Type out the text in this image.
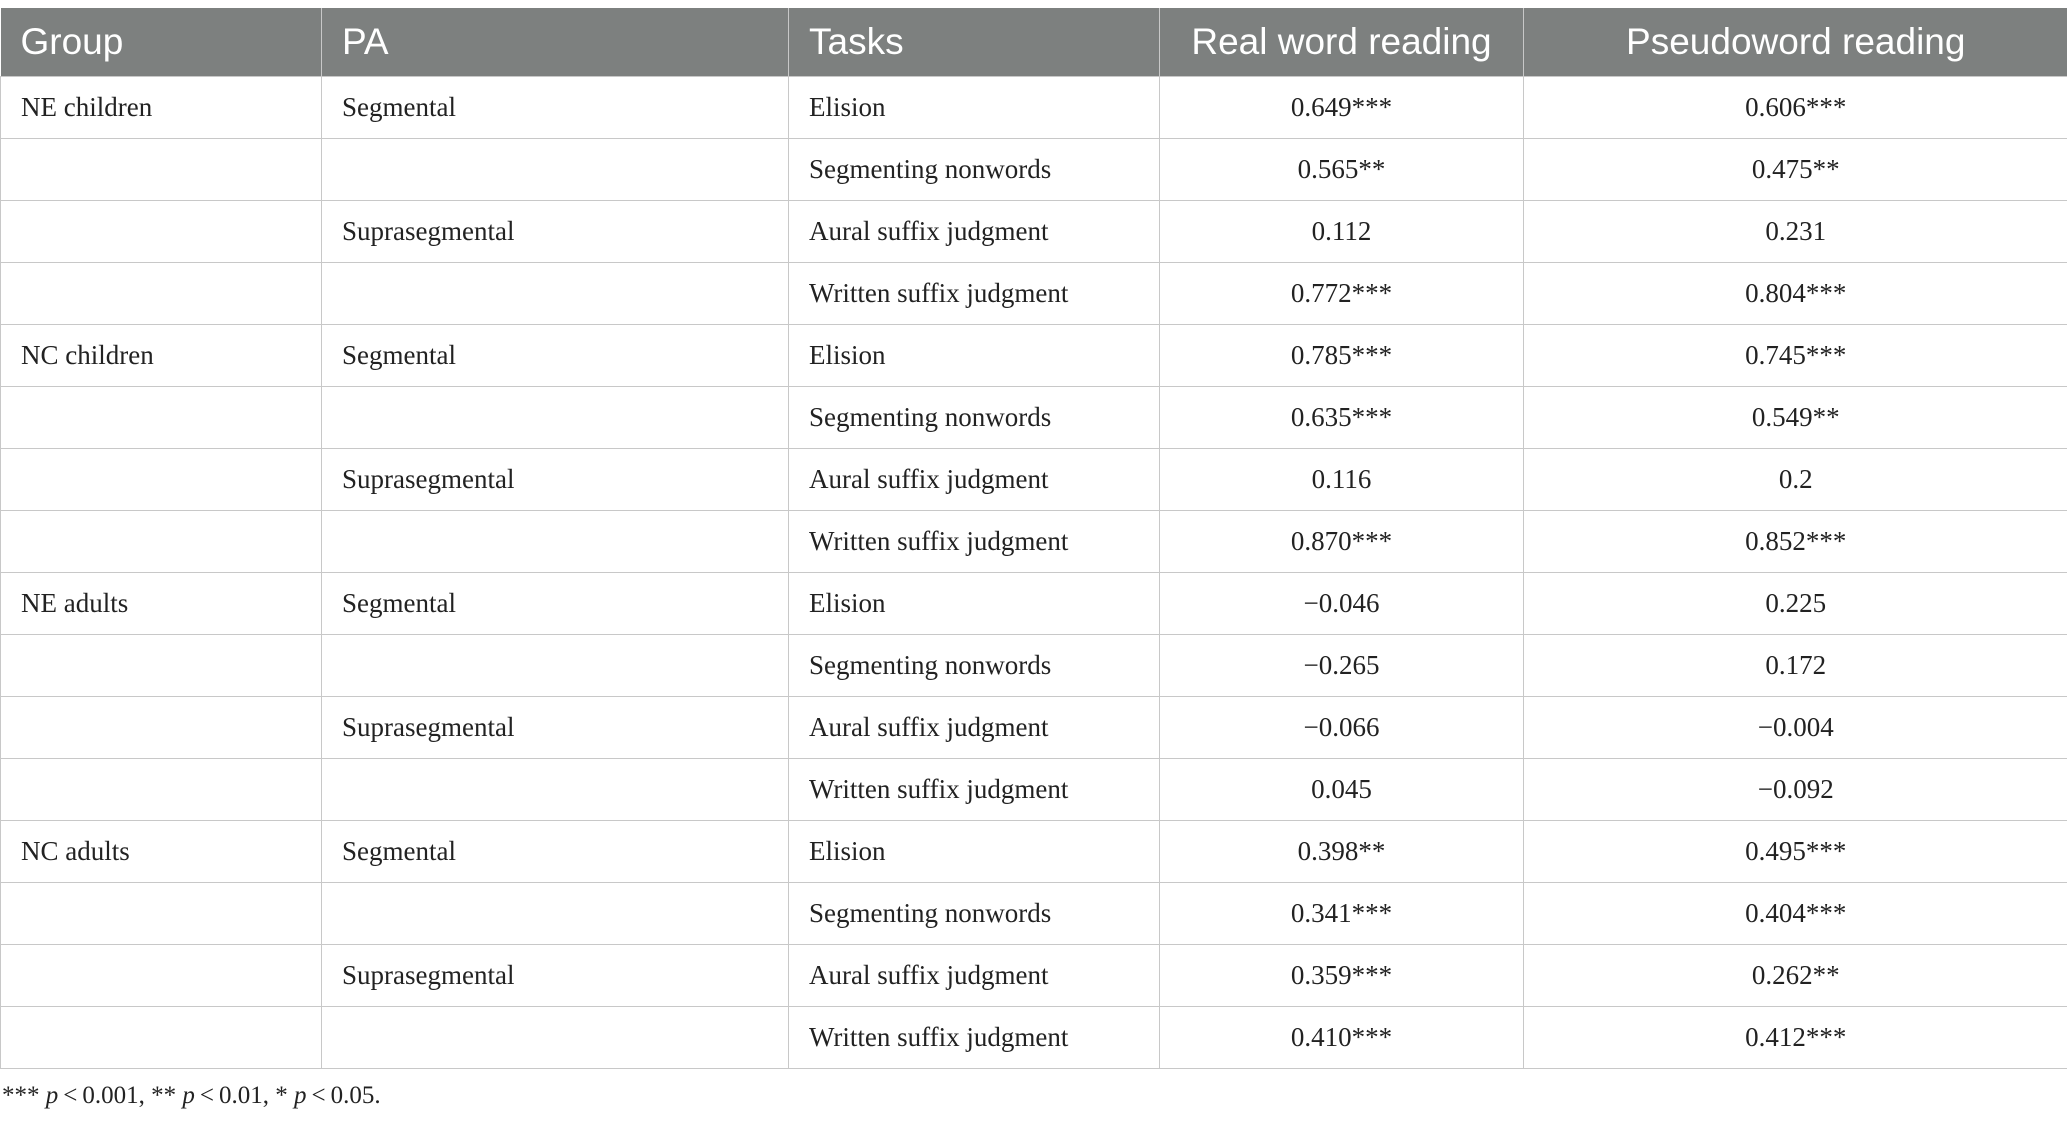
Group	PA	Tasks	Real word reading	Pseudoword reading
NE children	Segmental	Elision	0.649***	0.606***
		Segmenting nonwords	0.565**	0.475**
	Suprasegmental	Aural suffix judgment	0.112	0.231
		Written suffix judgment	0.772***	0.804***
NC children	Segmental	Elision	0.785***	0.745***
		Segmenting nonwords	0.635***	0.549**
	Suprasegmental	Aural suffix judgment	0.116	0.2
		Written suffix judgment	0.870***	0.852***
NE adults	Segmental	Elision	−0.046	0.225
		Segmenting nonwords	−0.265	0.172
	Suprasegmental	Aural suffix judgment	−0.066	−0.004
		Written suffix judgment	0.045	−0.092
NC adults	Segmental	Elision	0.398**	0.495***
		Segmenting nonwords	0.341***	0.404***
	Suprasegmental	Aural suffix judgment	0.359***	0.262**
		Written suffix judgment	0.410***	0.412***
*** p < 0.001, ** p < 0.01, * p < 0.05.
